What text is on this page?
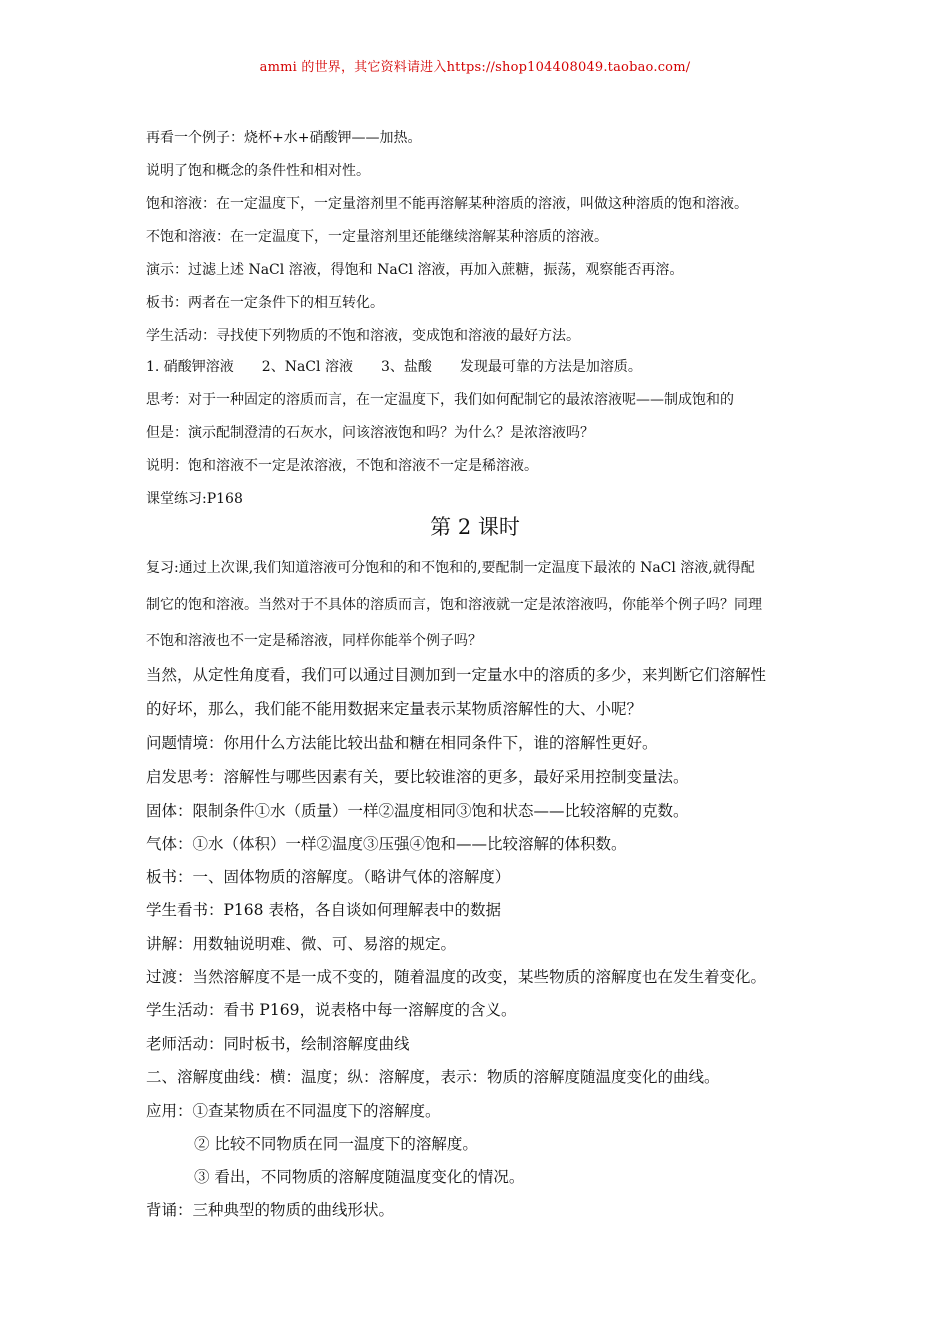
ammi 的世界，其它资料请进入https://shop104408049.taobao.com/
再看一个例子：烧杯+水+硝酸钾——加热。
说明了饱和概念的条件性和相对性。
饱和溶液：在一定温度下，一定量溶剂里不能再溶解某种溶质的溶液，叫做这种溶质的饱和溶液。
不饱和溶液：在一定温度下，一定量溶剂里还能继续溶解某种溶质的溶液。
演示：过滤上述 NaCl 溶液，得饱和 NaCl 溶液，再加入蔗糖，振荡，观察能否再溶。
板书：两者在一定条件下的相互转化。
学生活动：寻找使下列物质的不饱和溶液，变成饱和溶液的最好方法。
1. 硝酸钾溶液　　2、NaCl 溶液　　3、盐酸　　发现最可靠的方法是加溶质。
思考：对于一种固定的溶质而言，在一定温度下，我们如何配制它的最浓溶液呢——制成饱和的
但是：演示配制澄清的石灰水，问该溶液饱和吗？为什么？是浓溶液吗？
说明：饱和溶液不一定是浓溶液，不饱和溶液不一定是稀溶液。
课堂练习:P168
第 2 课时
复习:通过上次课,我们知道溶液可分饱和的和不饱和的,要配制一定温度下最浓的 NaCl 溶液,就得配
制它的饱和溶液。当然对于不具体的溶质而言，饱和溶液就一定是浓溶液吗，你能举个例子吗？同理
不饱和溶液也不一定是稀溶液，同样你能举个例子吗？
当然，从定性角度看，我们可以通过目测加到一定量水中的溶质的多少，来判断它们溶解性
的好坏，那么，我们能不能用数据来定量表示某物质溶解性的大、小呢？
问题情境：你用什么方法能比较出盐和糖在相同条件下，谁的溶解性更好。
启发思考：溶解性与哪些因素有关，要比较谁溶的更多，最好采用控制变量法。
固体：限制条件①水（质量）一样②温度相同③饱和状态——比较溶解的克数。
气体：①水（体积）一样②温度③压强④饱和——比较溶解的体积数。
板书：一、固体物质的溶解度。（略讲气体的溶解度）
学生看书：P168 表格，各自谈如何理解表中的数据
讲解：用数轴说明难、微、可、易溶的规定。
过渡：当然溶解度不是一成不变的，随着温度的改变，某些物质的溶解度也在发生着变化。
学生活动：看书 P169，说表格中每一溶解度的含义。
老师活动：同时板书，绘制溶解度曲线
二、溶解度曲线：横：温度；纵：溶解度，表示：物质的溶解度随温度变化的曲线。
应用：①查某物质在不同温度下的溶解度。
② 比较不同物质在同一温度下的溶解度。
③ 看出，不同物质的溶解度随温度变化的情况。
背诵：三种典型的物质的曲线形状。
